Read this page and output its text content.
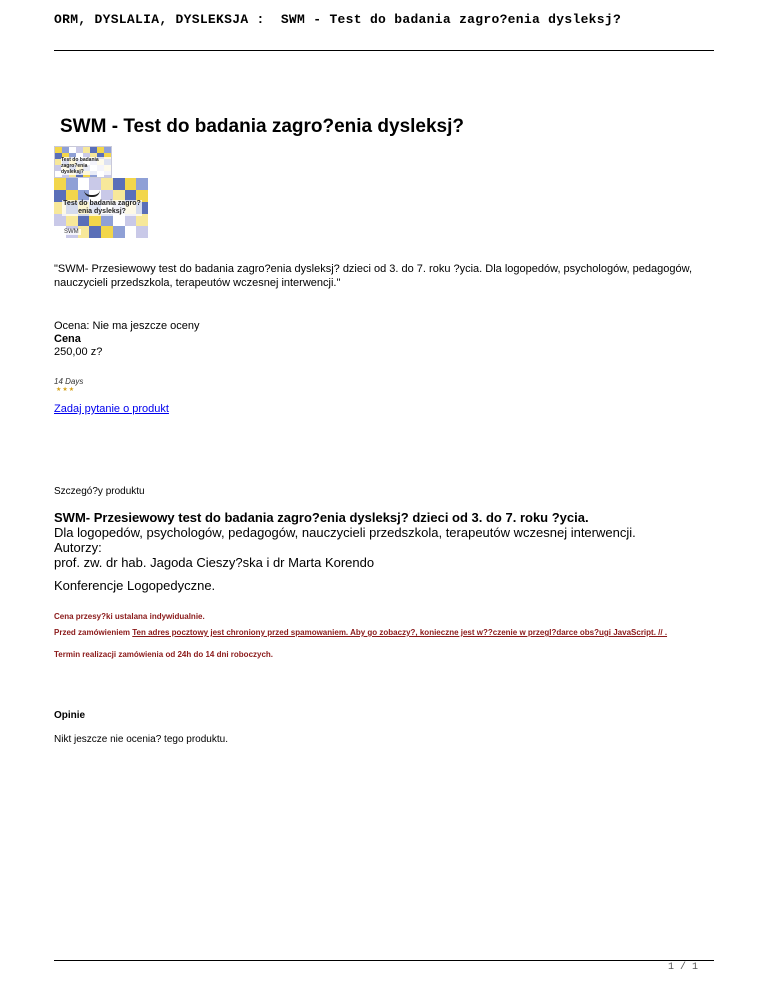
ORM, DYSLALIA, DYSLEKSJA :  SWM - Test do badania zagro?enia dysleksj?
SWM - Test do badania zagro?enia dysleksj?
Test do badania zagro?enia dysleksj?
Test do badania zagro?enia dysleksj?
SWM

"SWM- Przesiewowy test do badania zagro?enia dysleksj? dzieci od 3. do 7. roku ?ycia. Dla logopedów, psychologów, pedagogów, nauczycieli przedszkola, terapeutów wczesnej interwencji."

Ocena: Nie ma jeszcze oceny
Cena
250,00 z?
14 Days
★★★
Zadaj pytanie o produkt
Szczegó?y produktu
SWM- Przesiewowy test do badania zagro?enia dysleksj? dzieci od 3. do 7. roku ?ycia.
Dla logopedów, psychologów, pedagogów, nauczycieli przedszkola, terapeutów wczesnej interwencji.
Autorzy:
prof. zw. dr hab. Jagoda Cieszy?ska i dr Marta Korendo
Konferencje Logopedyczne.
Cena przesy?ki ustalana indywidualnie.
Przed zamówieniem Ten adres pocztowy jest chroniony przed spamowaniem. Aby go zobaczy?, konieczne jest w??czenie w przegl?darce obs?ugi JavaScript. // .
Termin realizacji zamówienia od 24h do 14 dni roboczych.
Opinie
Nikt jeszcze nie ocenia? tego produktu.
1 / 1
